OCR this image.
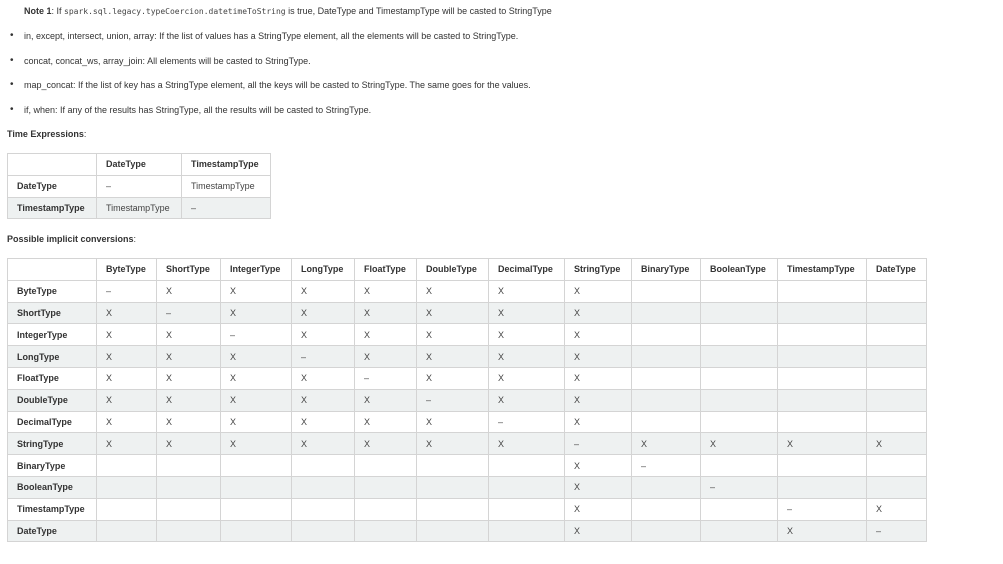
Note 1: If spark.sql.legacy.typeCoercion.datetimeToString is true, DateType and TimestampType will be casted to StringType
• in, except, intersect, union, array: If the list of values has a StringType element, all the elements will be casted to StringType.
• concat, concat_ws, array_join: All elements will be casted to StringType.
• map_concat: If the list of key has a StringType element, all the keys will be casted to StringType. The same goes for the values.
• if, when: If any of the results has StringType, all the results will be casted to StringType.
Time Expressions:
	DateType	TimestampType
DateType	–	TimestampType
TimestampType	TimestampType	–
Possible implicit conversions:
	ByteType	ShortType	IntegerType	LongType	FloatType	DoubleType	DecimalType	StringType	BinaryType	BooleanType	TimestampType	DateType
ByteType	–	X	X	X	X	X	X	X				
ShortType	X	–	X	X	X	X	X	X				
IntegerType	X	X	–	X	X	X	X	X				
LongType	X	X	X	–	X	X	X	X				
FloatType	X	X	X	X	–	X	X	X				
DoubleType	X	X	X	X	X	–	X	X				
DecimalType	X	X	X	X	X	X	–	X				
StringType	X	X	X	X	X	X	X	–	X	X	X	X
BinaryType								X	–			
BooleanType								X		–		
TimestampType								X			–	X
DateType								X			X	–
